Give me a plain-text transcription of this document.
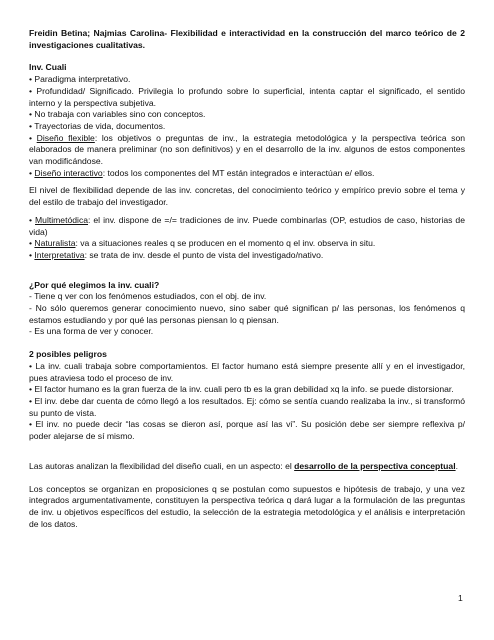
Freidin Betina; Najmias Carolina- Flexibilidad e interactividad en la construcción del marco teórico de 2 investigaciones cualitativas.

Inv. Cuali

• Paradigma interpretativo.

• Profundidad/ Significado. Privilegia lo profundo sobre lo superficial, intenta captar el significado, el sentido interno y la perspectiva subjetiva.

• No trabaja con variables sino con conceptos.

• Trayectorias de vida, documentos.

• Diseño flexible: los objetivos o preguntas de inv., la estrategia metodológica y la perspectiva teórica son elaborados de manera preliminar (no son definitivos) y en el desarrollo de la inv. algunos de estos componentes van modificándose.

• Diseño interactivo: todos los componentes del MT están integrados e interactúan e/ ellos.

El nivel de flexibilidad depende de las inv. concretas, del conocimiento teórico y empírico previo sobre el tema y del estilo de trabajo del investigador.

• Multimetódica: el inv. dispone de =/= tradiciones de inv. Puede combinarlas (OP, estudios de caso, historias de vida)

• Naturalista: va a situaciones reales q se producen en el momento q el inv. observa in situ.

• Interpretativa: se trata de inv. desde el punto de vista del investigado/nativo.

¿Por qué elegimos la inv. cuali?

- Tiene q ver con los fenómenos estudiados, con el obj. de inv.

- No sólo queremos generar conocimiento nuevo, sino saber qué significan p/ las personas, los fenómenos q estamos estudiando y por qué las personas piensan lo q piensan.

- Es una forma de ver y conocer.

2 posibles peligros

• La inv. cuali trabaja sobre comportamientos. El factor humano está siempre presente allí y en el investigador, pues atraviesa todo el proceso de inv.

• El factor humano es la gran fuerza de la inv. cuali pero tb es la gran debilidad xq la info. se puede distorsionar.

• El inv. debe dar cuenta de cómo llegó a los resultados. Ej: cómo se sentía cuando realizaba la inv., si transformó su punto de vista.

• El inv. no puede decir “las cosas se dieron así, porque así las vi”. Su posición debe ser siempre reflexiva p/ poder alejarse de sí mismo.

Las autoras analizan la flexibilidad del diseño cuali, en un aspecto: el desarrollo de la perspectiva conceptual.

Los conceptos se organizan en proposiciones q se postulan como supuestos e hipótesis de trabajo, y una vez integrados argumentativamente, constituyen la perspectiva teórica q dará lugar a la formulación de las preguntas de inv. u objetivos específicos del estudio, la selección de la estrategia metodológica y el análisis e interpretación de los datos.

1
